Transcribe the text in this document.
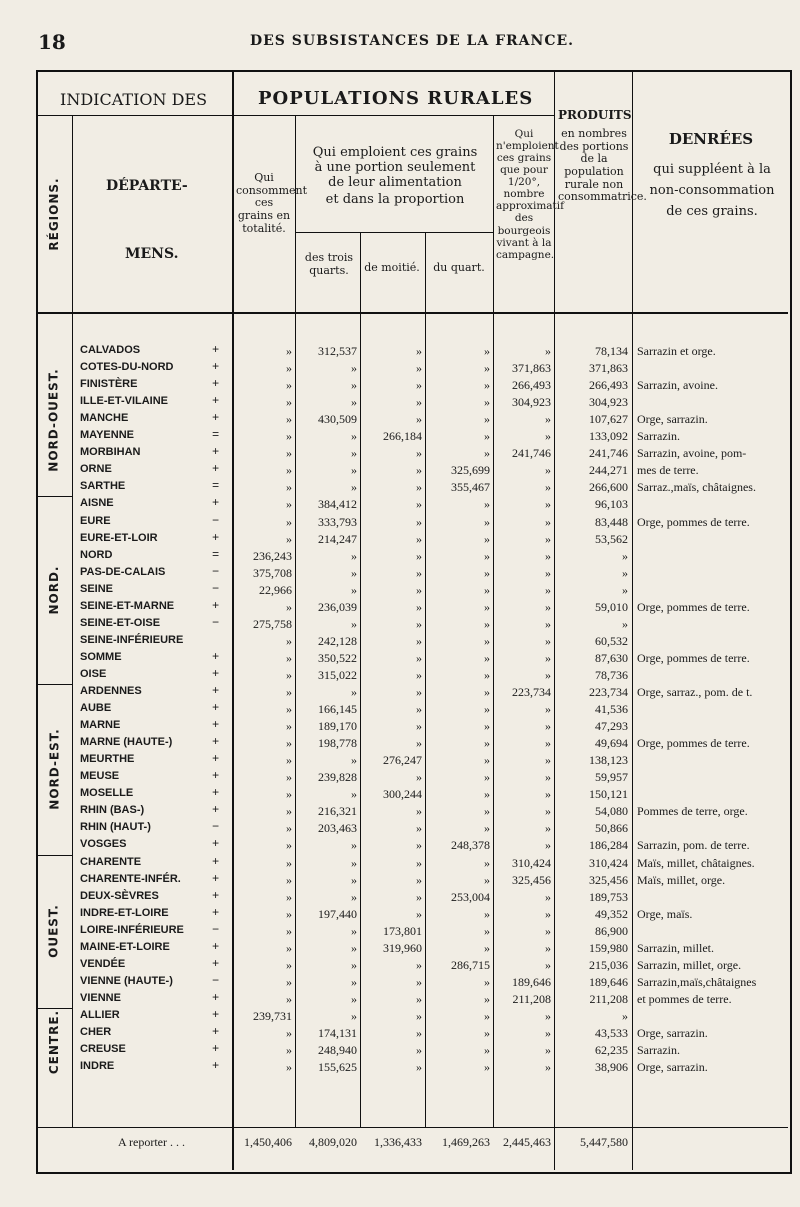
18	DES SUBSISTANCES DE LA FRANCE.
INDICATION DES
RÉGIONS.	DÉPARTE-
MENS.
POPULATIONS RURALES
Qui consomment ces grains en totalité.
Qui emploient ces grains
à une portion seulement
de leur alimentation
et dans la proportion
des trois quarts.	de moitié. du quart.
Qui n'emploient ces grains que pour 1/20°, nombre approximatif des bourgeois vivant à la campagne.
PRODUITS
en nombres des portions de la population rurale non consommatrice.
DENRÉES
qui suppléent à la non-consommation de ces grains.
CALVADOS	+	»	312,537	»	»	»	78,134 Sarrazin et orge.
COTES-DU-NORD	+	»	»	»	»	371,863	371,863
FINISTÈRE	+	»	»	»	»	266,493	266,493 Sarrazin, avoine.
ILLE-ET-VILAINE	+	»	»	»	»	304,923	304,923
MANCHE	+	»	430,509	»	»	»	107,627 Orge, sarrazin.
MAYENNE	=	»	»	266,184	»	»	133,092 Sarrazin.
MORBIHAN	+	»	»	»	»	241,746	241,746 Sarrazin, avoine, pom-
ORNE	+	»	»	»	325,699	»	244,271 mes de terre.
SARTHE	=	»	»	»	355,467	»	266,600 Sarraz.,maïs, châtaignes.
NORD-OUEST.
AISNE	+	»	384,412	»	»	»	96,103
EURE	−	»	333,793	»	»	»	83,448 Orge, pommes de terre.
EURE-ET-LOIR	+	»	214,247	»	»	»	53,562
NORD	=	236,243	»	»	»	»	»
PAS-DE-CALAIS	−	375,708	»	»	»	»	»
SEINE	−	22,966	»	»	»	»	»
SEINE-ET-MARNE	+	»	236,039	»	»	»	59,010 Orge, pommes de terre.
SEINE-ET-OISE	−	275,758	»	»	»	»	»
SEINE-INFÉRIEURE	»	242,128	»	»	»	60,532
SOMME	+	»	350,522	»	»	»	87,630 Orge, pommes de terre.
OISE	+	»	315,022	»	»	»	78,736
NORD.
ARDENNES	+	»	»	»	»	223,734	223,734 Orge, sarraz., pom. de t.
AUBE	+	»	166,145	»	»	»	41,536
MARNE	+	»	189,170	»	»	»	47,293
MARNE (HAUTE-)	+	»	198,778	»	»	»	49,694 Orge, pommes de terre.
MEURTHE	+	»	»	276,247	»	»	138,123
MEUSE	+	»	239,828	»	»	»	59,957
MOSELLE	+	»	»	300,244	»	»	150,121
RHIN (BAS-)	+	»	216,321	»	»	»	54,080 Pommes de terre, orge.
RHIN (HAUT-)	−	»	203,463	»	»	»	50,866
VOSGES	+	»	»	»	248,378	»	186,284 Sarrazin, pom. de terre.
NORD-EST.
CHARENTE	+	»	»	»	»	310,424	310,424 Maïs, millet, châtaignes.
CHARENTE-INFÉR.	+	»	»	»	»	325,456	325,456 Maïs, millet, orge.
DEUX-SÈVRES	+	»	»	»	253,004	»	189,753
INDRE-ET-LOIRE	+	»	197,440	»	»	»	49,352 Orge, maïs.
LOIRE-INFÉRIEURE −	»	»	173,801	»	»	86,900
MAINE-ET-LOIRE	+	»	»	319,960	»	»	159,980 Sarrazin, millet.
VENDÉE	+	»	»	»	286,715	»	215,036 Sarrazin, millet, orge.
VIENNE (HAUTE-)	−	»	»	»	»	189,646	189,646 Sarrazin,maïs,châtaignes
VIENNE	+	»	»	»	»	211,208	211,208 et pommes de terre.
OUEST.
ALLIER	+	239,731	»	»	»	»	»
CHER	+	»	174,131	»	»	»	43,533 Orge, sarrazin.
CREUSE	+	»	248,940	»	»	»	62,235 Sarrazin.
INDRE	+	»	155,625	»	»	»	38,906 Orge, sarrazin.
CENTRE.
A reporter . . .	1,450,406	4,809,020	1,336,433	1,469,263	2,445,463	5,447,580
